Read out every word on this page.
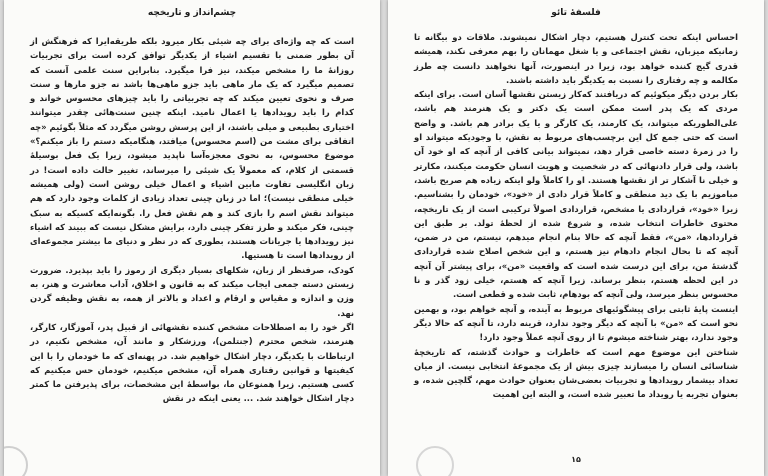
چشم‌انداز و تاریخچه

است که چه واژه‌ای برای چه شیئی بکار میرود بلکه طریقه‌ایرا که فرهنگش از آن بطور ضمنی با تقسیم اشیاء از یکدیگر توافق کرده است برای تجربیات روزانهٔ ما را مشخص میکند، نیز فرا میگیرد. بنابراین سنت علمی آنست که تصمیم میگیرد که یک مار ماهی باید جزو ماهی‌ها باشد نه جزو مارها و سنت صرف و نحوی تعیین میکند که چه تجربیاتی را باید چیزهای محسوس خواند و کدام را باید رویدادها یا اعمال نامید. اینکه چنین سنت‌هائی چقدر میتوانند اختیاری بطبیعی و میلی باشند، از این پرسش روشن میگردد که مثلاً بگوئیم «چه اتفاقی برای مشت من (اسم محسوس) میافتد، هنگامیکه دستم را باز میکنم؟» موضوع محسوس، به نحوی معجزه‌آسا ناپدید میشود، زیرا یک فعل بوسیلهٔ قسمتی از کلام، که معمولاً یک شیئی را میرساند، تغییر حالت داده است! در زبان انگلیسی تفاوت مابین اشیاء و اعمال خیلی روشن است (ولی همیشه خیلی منطقی نیست)؛ اما در زبان چینی تعداد زیادی از کلمات وجود دارد که هم میتواند نقش اسم را بازی کند و هم نقش فعل را. بگونه‌ایکه کسیکه به سبک چینی، فکر میکند و طرز تفکر چینی دارد، برایش مشکل نیست که ببیند که اشیاء نیز رویدادها یا جریانات هستند، بطوری که در نظر و دنیای ما بیشتر مجموعه‌ای از رویدادها است تا هستیها.

کودک، صرفنظر از زبان، شکلهای بسیار دیگری از رموز را باید بپذیرد. ضرورت زیستن دسته جمعی ایجاب میکند که به قانون و اخلاق، آداب معاشرت و هنر، به وزن و اندازه و مقیاس و ارقام و اعداد و بالاتر از همه، به نقش وظیفه گردن نهد.

اگر خود را به اصطلاحات مشخص کننده نقشهائی از قبیل پدر، آموزگار، کارگر، هنرمند، شخص محترم (جنتلمن)، ورزشکار و مانند آن، مشخص نکنیم، در ارتباطات با یکدیگر، دچار اشکال خواهیم شد. در پهنه‌ای که ما خودمان را با این کیفیتها و قوانین رفتاری همراه آن، مشخص میکنیم، خودمان حس میکنیم که کسی هستیم. زیرا همنوعان ما، بواسطهٔ این مشخصات، برای پذیرفتن ما کمتر دچار اشکال خواهند شد. ... یعنی اینکه در نقش

فلسفهٔ تائو

احساس اینکه تحت کنترل هستیم، دچار اشکال نمیشوند. ملاقات دو بیگانه تا زمانیکه میزبان، نقش اجتماعی و یا شغل مهمانان را بهم معرفی نکند، همیشه قدری گیج کننده خواهد بود، زیرا در اینصورت، آنها نخواهند دانست چه طرز مکالمه و چه رفتاری را نسبت به یکدیگر باید داشته باشند.

بکار بردن دیگر میکوئیم که دریافتند که‌کار زیستن نقشها آسان است. برای اینکه مردی که یک پدر است ممکن است یک دکتر و یک هنرمند هم باشد، علی‌الطوریکه میتواند، یک کارمند، یک کارگر و یا یک برادر هم باشد. و واضح است که حتی جمع کل این برچسب‌های مربوط به نقش، با وجودیکه میتواند او را در زمرهٔ دسته خاصی قرار دهد، نمیتواند بیانی کافی از آنچه که او خود آن باشد، ولی قرار دادنهائی که در شخصیت و هویت انسان حکومت میکنند، مکارتر و خیلی نا آشکار تر از نقشها هستند. او را کاملاً ولو اینکه زیاده هم صریح باشد، مباموزیم با یک دید منطقی و کاملاً قرار دادی از «خود»، خودمان را بشناسیم. زیرا «خود»، قراردادی یا مشخص، قراردادی اصولاً ترکیبی است از یک تاریخچه، محتوی خاطرات انتخاب شده، و شروع شده از لحظهٔ تولد. بر طبق این قراردادها، «من»، فقط آنچه که حالا بنام انجام میدهم، نیستم، من در ضمن، آنچه که تا بحال انجام دادهام نیز هستم، و این شخص اصلاح شده قراردادی گذشتهٔ من، برای این درست شده است که واقعیت «من»، برای پیشتر آن آنچه در این لحظه هستم، بنظر برساند. زیرا آنچه که هستم، خیلی زود گذر و نا محسوس بنظر میرسد، ولی آنچه که بودهام، ثابت شده و قطعی است.

اینست پایهٔ ثابتی برای پیشگوئیهای مربوط به آینده، و آنچه خواهم بود، و بهمین نحو است که «من» با آنچه که دیگر وجود ندارد، قرینه دارد، تا آنچه که حالا دیگر وجود ندارد، بهتر شناخته میشوم تا از روی آنچه عملاً وجود دارد!

شناختن این موضوع مهم است که خاطرات و حوادث گذشته، که تاریخچهٔ شناسائی انسان را میسازند چیزی بیش از یک مجموعهٔ انتخابی نیست. از میان تعداد بیشمار رویدادها و تجربیات بعضی‌شان بعنوان حوادث مهم، گلچین شده، و بعنوان تجربه یا رویداد ما تعبیر شده است، و البته این اهمیت

۱۵
